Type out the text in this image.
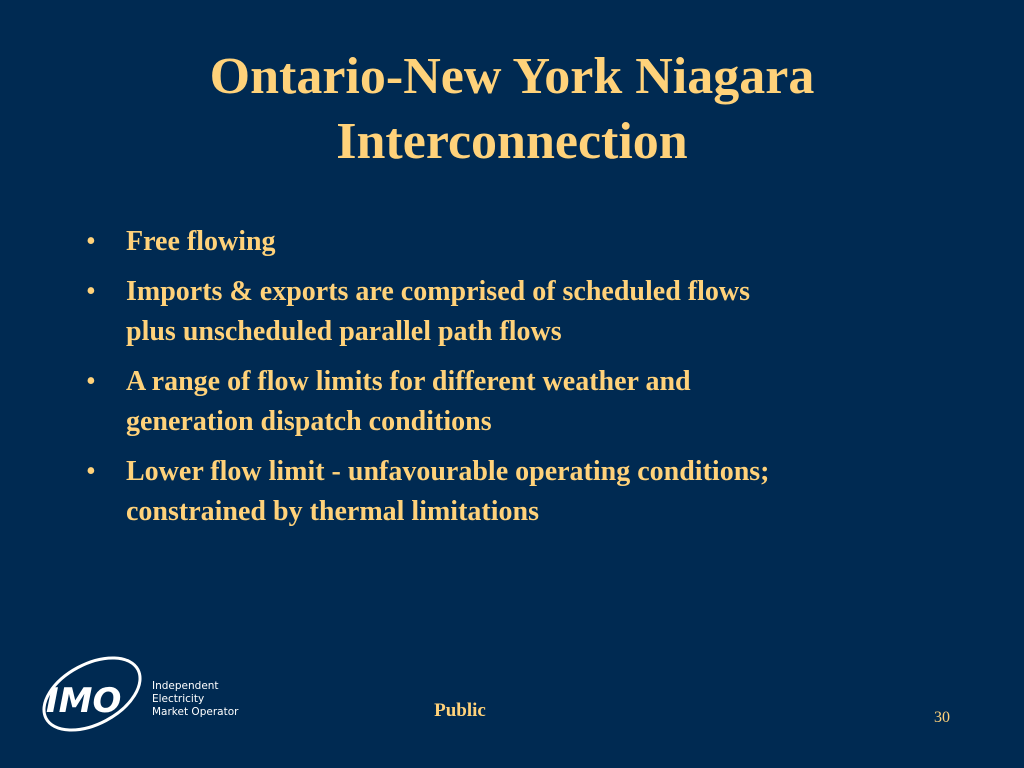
Ontario-New York Niagara
Interconnection
•	Free flowing
•	Imports & exports are comprised of scheduled flows
plus unscheduled parallel path flows
•	A range of flow limits for different weather and
generation dispatch conditions
•	Lower flow limit - unfavourable operating conditions;
constrained by thermal limitations
IMO	Independent
Electricity
Market Operator	Public	30
